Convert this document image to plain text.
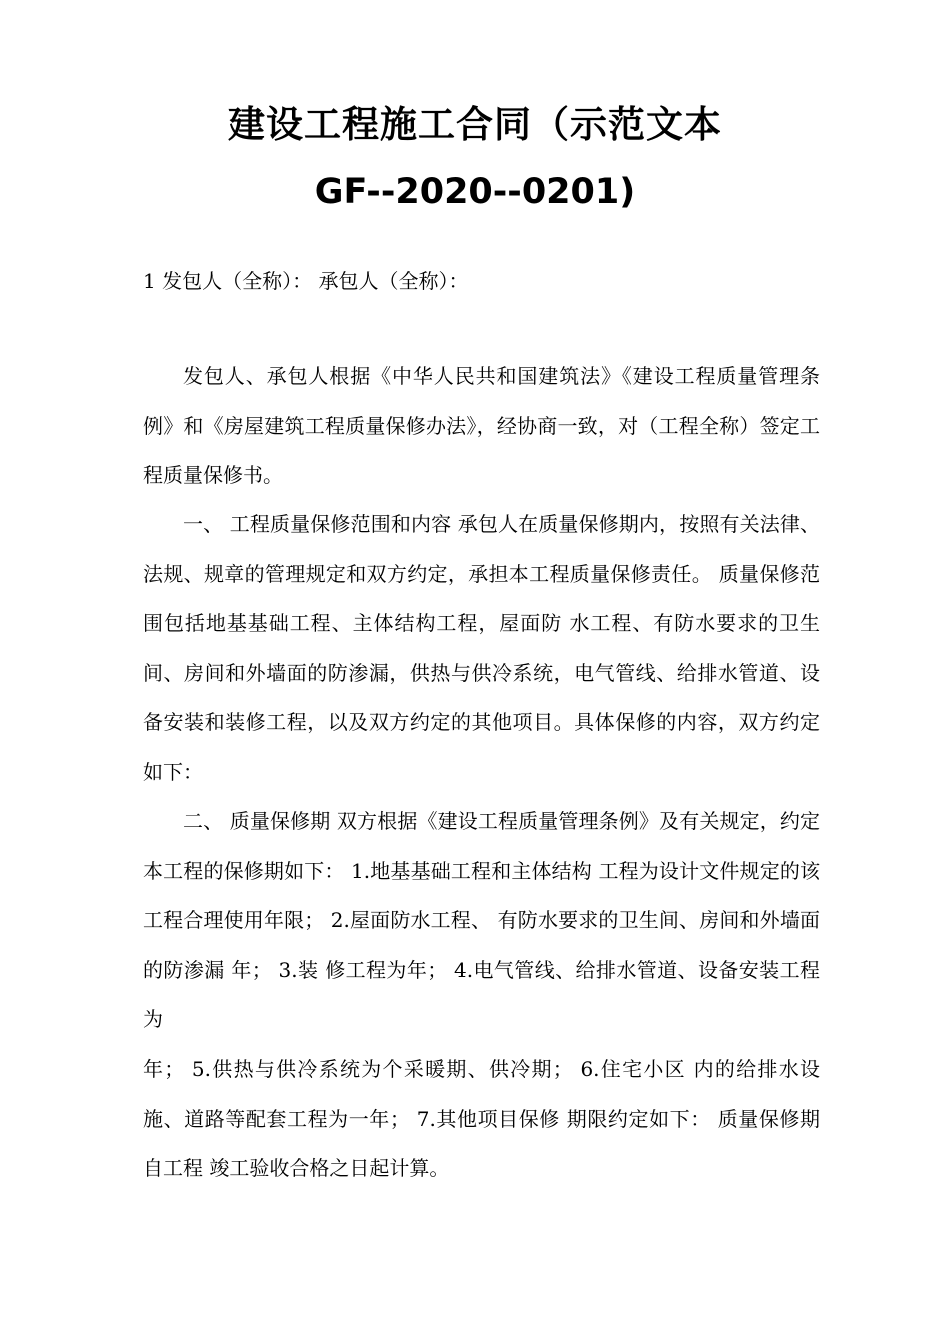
建设工程施工合同（示范文本
GF--2020--0201)
1 发包人（全称）： 承包人（全称）：

发包人、承包人根据《中华人民共和国建筑法》《建设工程质量管理条例》和《房屋建筑工程质量保修办法》，经协商一致，对（工程全称）签定工程质量保修书。

一、 工程质量保修范围和内容 承包人在质量保修期内，按照有关法律、法规、规章的管理规定和双方约定，承担本工程质量保修责任。 质量保修范围包括地基基础工程、主体结构工程，屋面防 水工程、有防水要求的卫生间、房间和外墙面的防渗漏，供热与供冷系统，电气管线、给排水管道、设备安装和装修工程，以及双方约定的其他项目。具体保修的内容，双方约定如下：

二、 质量保修期 双方根据《建设工程质量管理条例》及有关规定，约定本工程的保修期如下： 1.地基基础工程和主体结构 工程为设计文件规定的该工程合理使用年限； 2.屋面防水工程、 有防水要求的卫生间、房间和外墙面的防渗漏 年； 3.装 修工程为年； 4.电气管线、给排水管道、设备安装工程为
年； 5.供热与供冷系统为个采暖期、供冷期； 6.住宅小区 内的给排水设施、道路等配套工程为一年； 7.其他项目保修 期限约定如下： 质量保修期自工程 竣工验收合格之日起计算。
